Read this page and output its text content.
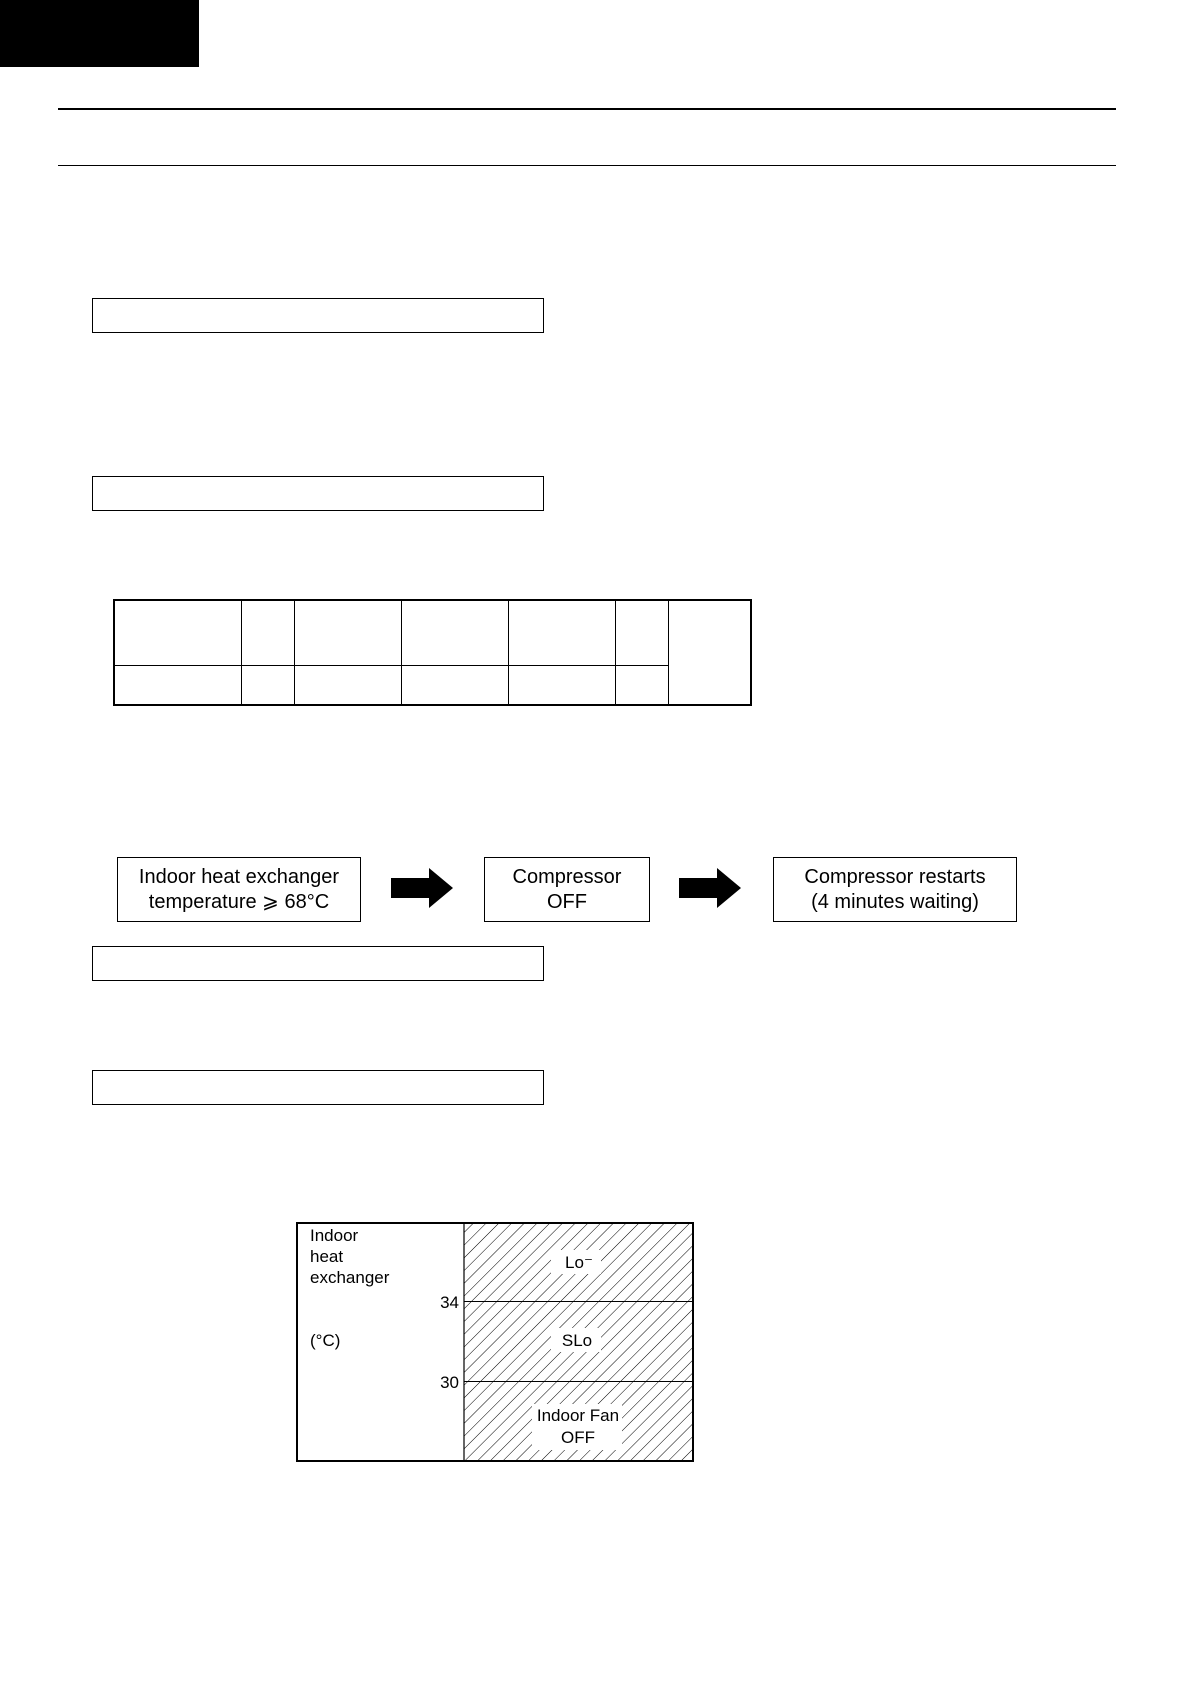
Indoor heat exchanger
temperature ⩾ 68°C
Compressor
OFF
Compressor restarts
(4 minutes waiting)
Indoor
heat
exchanger
(°C)
34
30
Lo⁻
SLo
Indoor Fan
OFF
